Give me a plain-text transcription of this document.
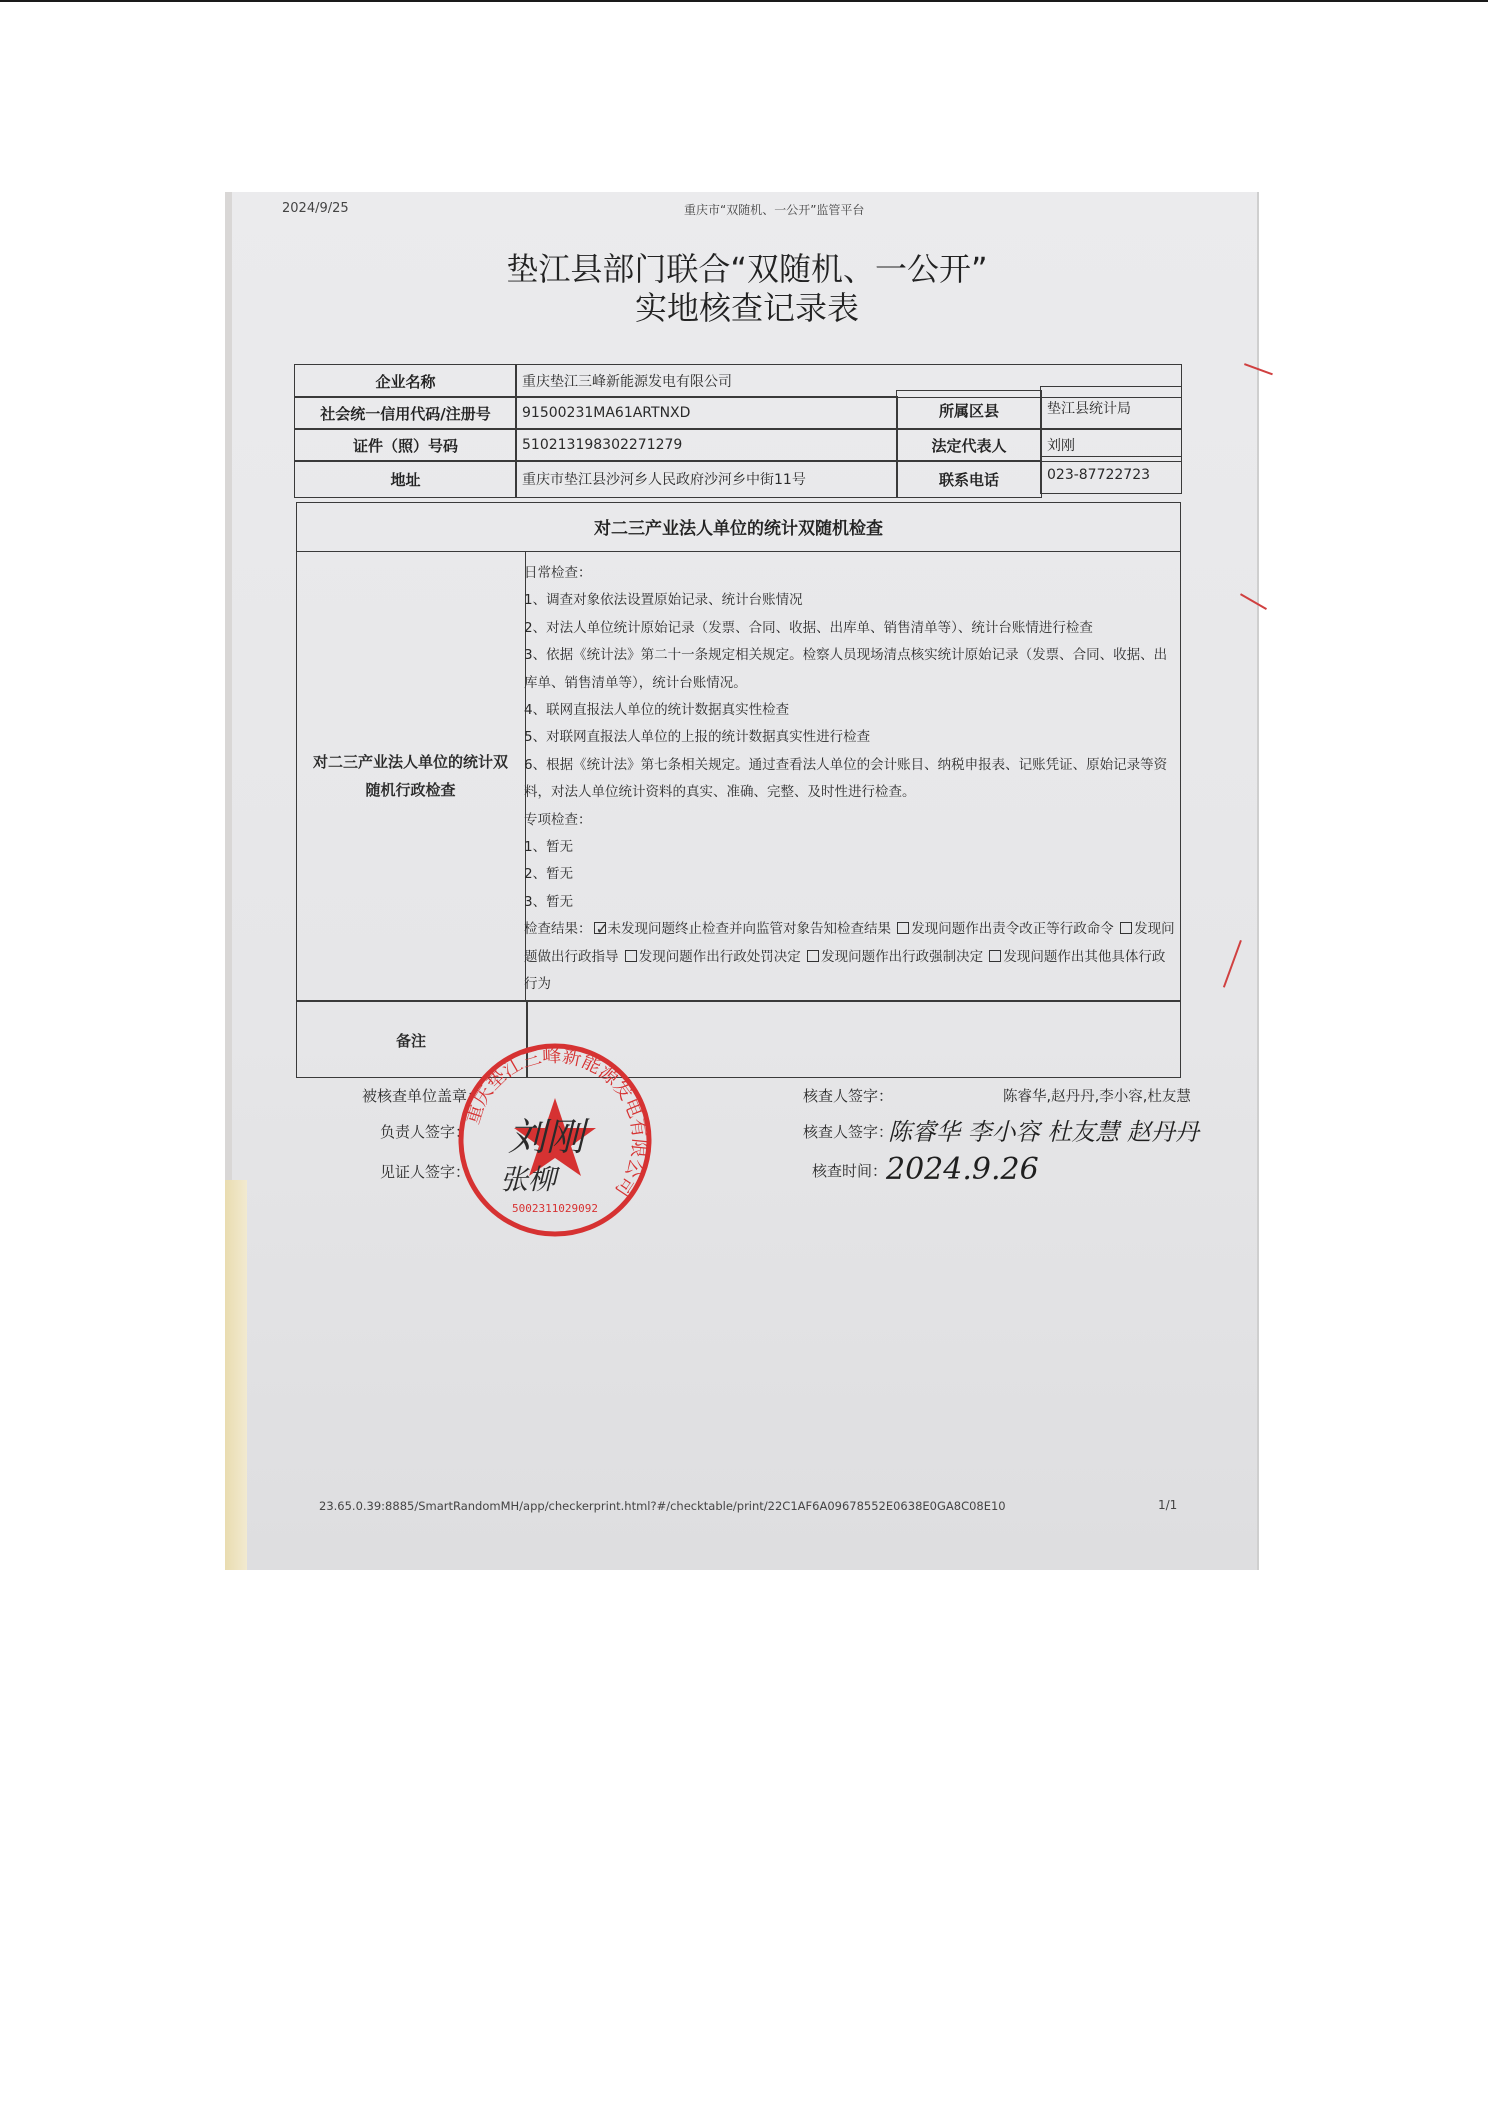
2024/9/25	重庆市“双随机、一公开”监管平台
垫江县部门联合“双随机、一公开”
实地核查记录表
企业名称	重庆垫江三峰新能源发电有限公司
社会统一信用代码/注册号	91500231MA61ARTNXD	所属区县	垫江县统计局
证件（照）号码	510213198302271279	法定代表人	刘刚
地址	重庆市垫江县沙河乡人民政府沙河乡中街11号	联系电话	023-87722723
对二三产业法人单位的统计双随机检查
对二三产业法人单位的统计双随机行政检查
备注
日常检查：
1、调查对象依法设置原始记录、统计台账情况
2、对法人单位统计原始记录（发票、合同、收据、出库单、销售清单等）、统计台账情进行检查
3、依据《统计法》第二十一条规定相关规定。检察人员现场清点核实统计原始记录（发票、合同、收据、出库单、销售清单等），统计台账情况。
4、联网直报法人单位的统计数据真实性检查
5、对联网直报法人单位的上报的统计数据真实性进行检查
6、根据《统计法》第七条相关规定。通过查看法人单位的会计账目、纳税申报表、记账凭证、原始记录等资料，对法人单位统计资料的真实、准确、完整、及时性进行检查。
专项检查：
1、暂无
2、暂无
3、暂无
检查结果：✓ 未发现问题终止检查并向监管对象告知检查结果 发现问题作出责令改正等行政命令 发现问题做出行政指导 发现问题作出行政处罚决定 发现问题作出行政强制决定 发现问题作出其他具体行政行为
被核查单位盖章：
负责人签字：
见证人签字：
核查人签字：	陈睿华,赵丹丹,李小容,杜友慧
核查人签字：
陈睿华 李小容 杜友慧 赵丹丹
核查时间：
2024.9.26
重庆垫江三峰新能源发电有限公司
5002311029092
刘刚
张柳
23.65.0.39:8885/SmartRandomMH/app/checkerprint.html?#/checktable/print/22C1AF6A09678552E0638E0GA8C08E10	1/1
